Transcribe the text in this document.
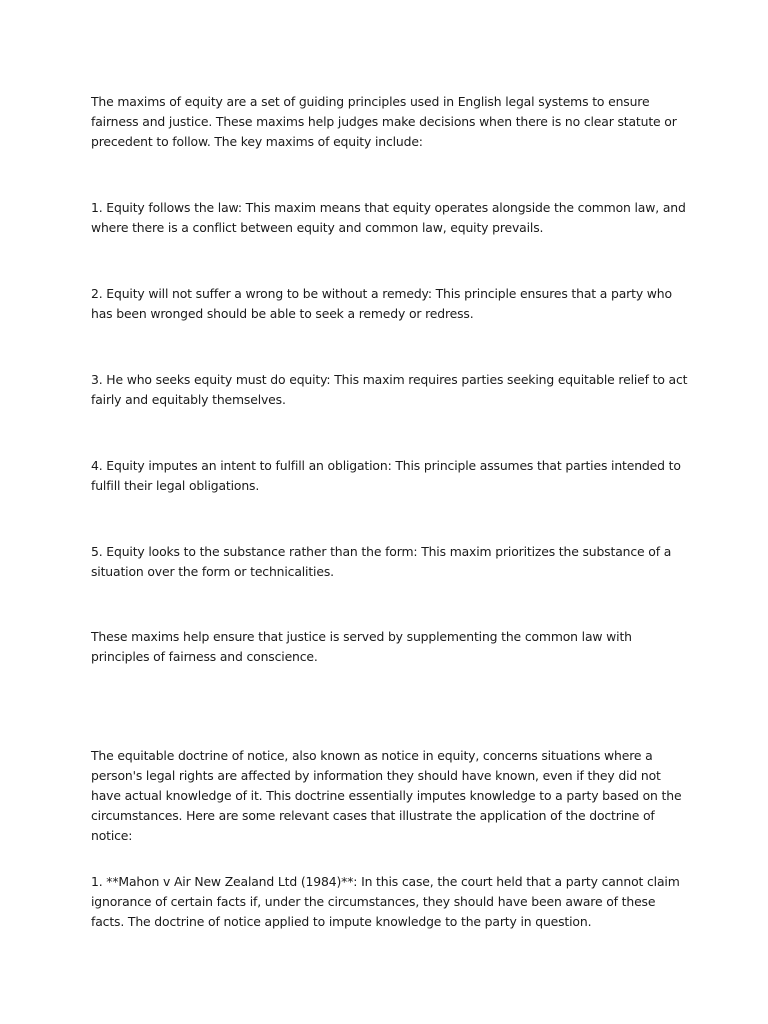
The maxims of equity are a set of guiding principles used in English legal systems to ensure fairness and justice. These maxims help judges make decisions when there is no clear statute or precedent to follow. The key maxims of equity include:

1. Equity follows the law: This maxim means that equity operates alongside the common law, and where there is a conflict between equity and common law, equity prevails.

2. Equity will not suffer a wrong to be without a remedy: This principle ensures that a party who has been wronged should be able to seek a remedy or redress.

3. He who seeks equity must do equity: This maxim requires parties seeking equitable relief to act fairly and equitably themselves.

4. Equity imputes an intent to fulfill an obligation: This principle assumes that parties intended to fulfill their legal obligations.

5. Equity looks to the substance rather than the form: This maxim prioritizes the substance of a situation over the form or technicalities.

These maxims help ensure that justice is served by supplementing the common law with principles of fairness and conscience.

The equitable doctrine of notice, also known as notice in equity, concerns situations where a person's legal rights are affected by information they should have known, even if they did not have actual knowledge of it. This doctrine essentially imputes knowledge to a party based on the circumstances. Here are some relevant cases that illustrate the application of the doctrine of notice:

1. **Mahon v Air New Zealand Ltd (1984)**: In this case, the court held that a party cannot claim ignorance of certain facts if, under the circumstances, they should have been aware of these facts. The doctrine of notice applied to impute knowledge to the party in question.
